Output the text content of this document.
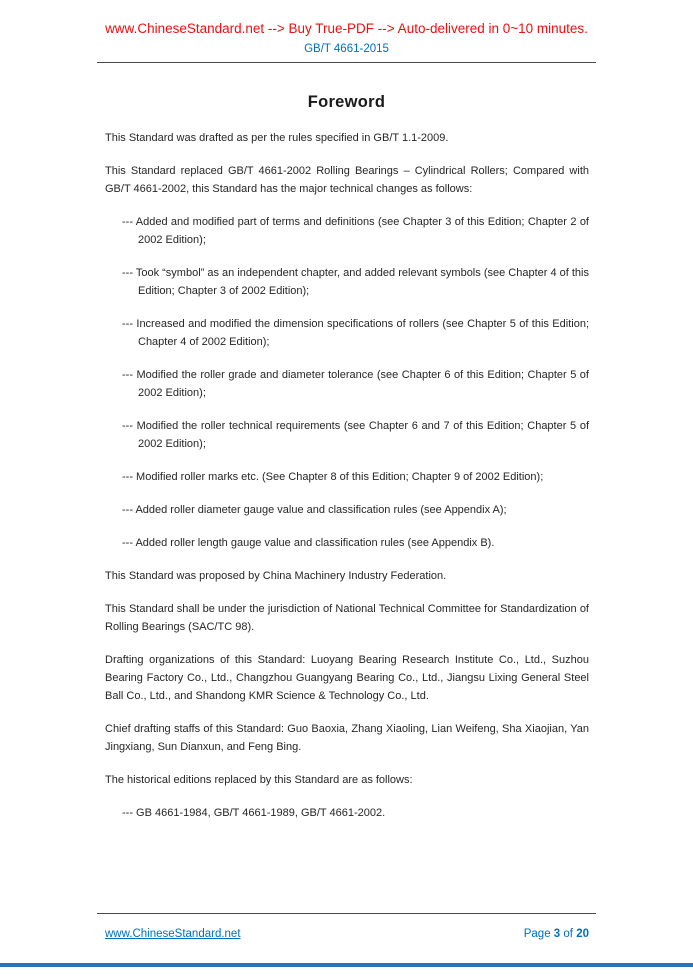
www.ChineseStandard.net --> Buy True-PDF --> Auto-delivered in 0~10 minutes.
GB/T 4661-2015
Foreword

This Standard was drafted as per the rules specified in GB/T 1.1-2009.

This Standard replaced GB/T 4661-2002 Rolling Bearings – Cylindrical Rollers; Compared with GB/T 4661-2002, this Standard has the major technical changes as follows:

--- Added and modified part of terms and definitions (see Chapter 3 of this Edition; Chapter 2 of 2002 Edition);

--- Took “symbol” as an independent chapter, and added relevant symbols (see Chapter 4 of this Edition; Chapter 3 of 2002 Edition);

--- Increased and modified the dimension specifications of rollers (see Chapter 5 of this Edition; Chapter 4 of 2002 Edition);

--- Modified the roller grade and diameter tolerance (see Chapter 6 of this Edition; Chapter 5 of 2002 Edition);

--- Modified the roller technical requirements (see Chapter 6 and 7 of this Edition; Chapter 5 of 2002 Edition);

--- Modified roller marks etc. (See Chapter 8 of this Edition; Chapter 9 of 2002 Edition);

--- Added roller diameter gauge value and classification rules (see Appendix A);

--- Added roller length gauge value and classification rules (see Appendix B).

This Standard was proposed by China Machinery Industry Federation.

This Standard shall be under the jurisdiction of National Technical Committee for Standardization of Rolling Bearings (SAC/TC 98).

Drafting organizations of this Standard: Luoyang Bearing Research Institute Co., Ltd., Suzhou Bearing Factory Co., Ltd., Changzhou Guangyang Bearing Co., Ltd., Jiangsu Lixing General Steel Ball Co., Ltd., and Shandong KMR Science & Technology Co., Ltd.

Chief drafting staffs of this Standard: Guo Baoxia, Zhang Xiaoling, Lian Weifeng, Sha Xiaojian, Yan Jingxiang, Sun Dianxun, and Feng Bing.

The historical editions replaced by this Standard are as follows:

--- GB 4661-1984, GB/T 4661-1989, GB/T 4661-2002.

www.ChineseStandard.net	Page 3 of 20
